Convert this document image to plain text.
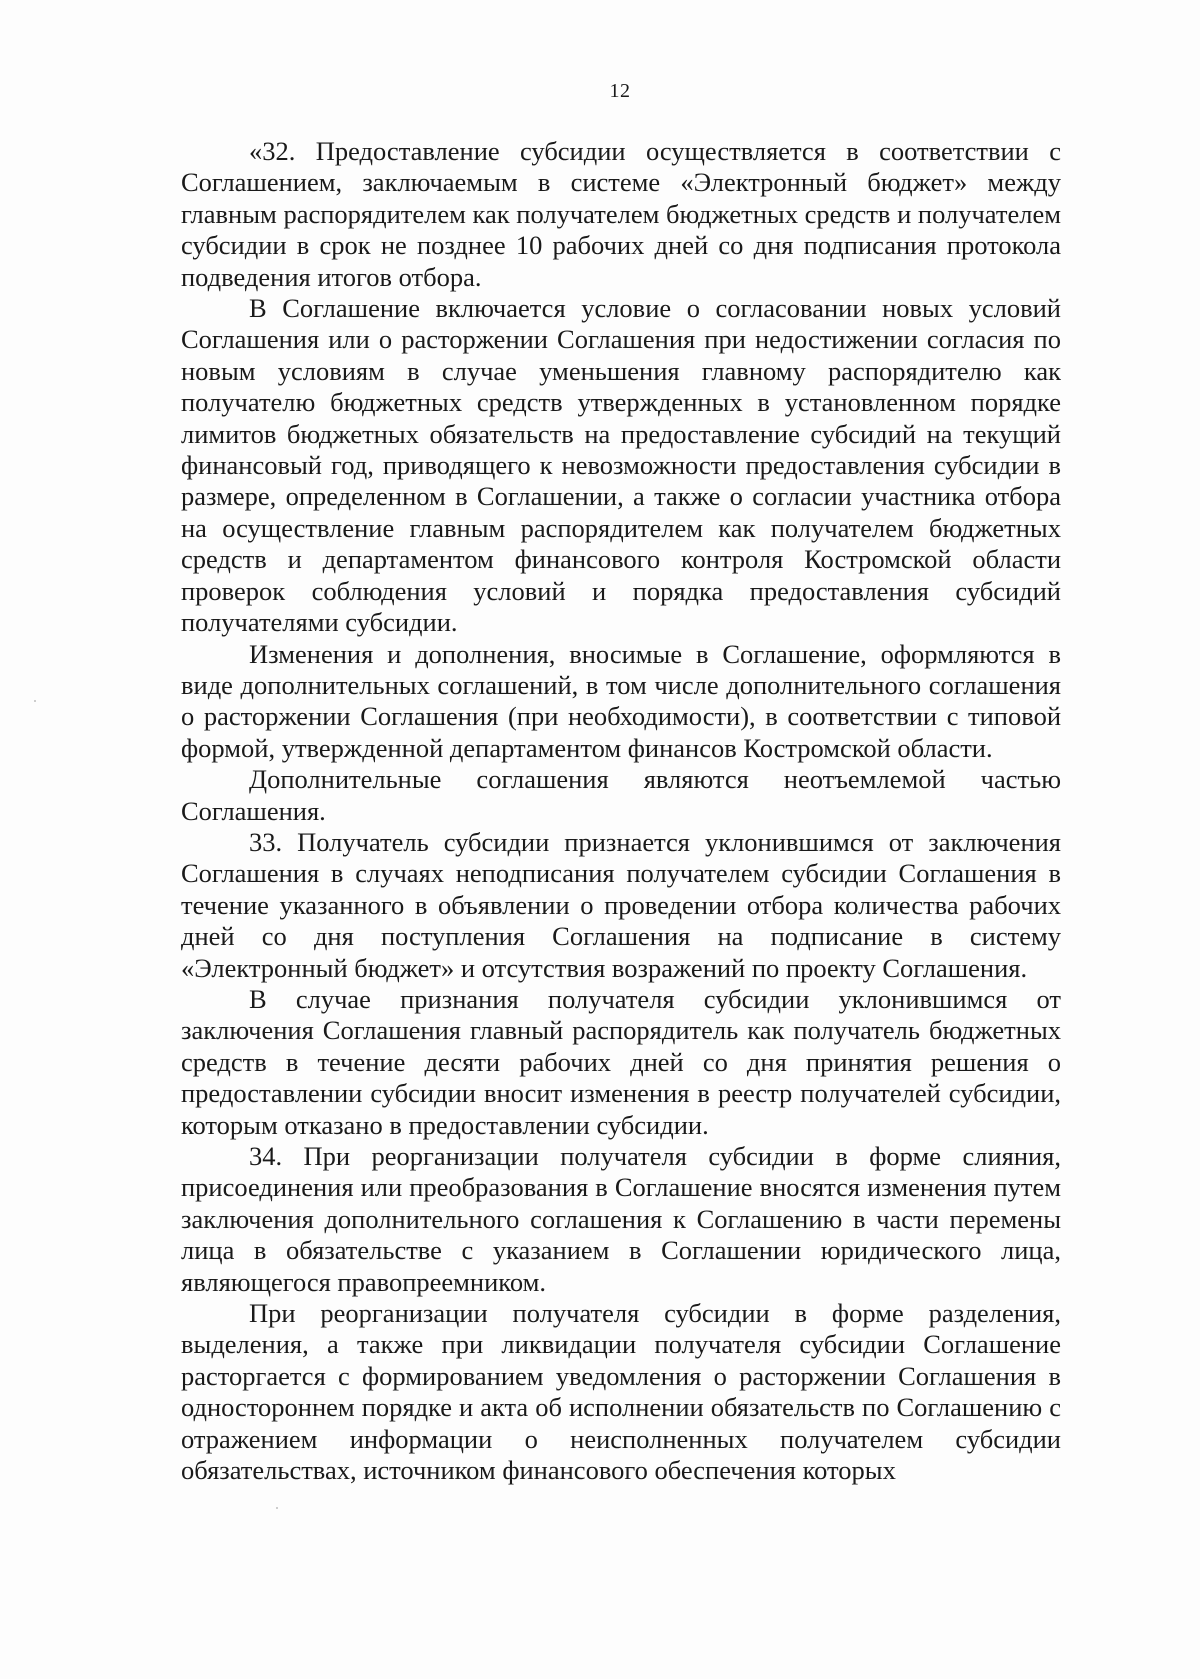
12

«32. Предоставление субсидии осуществляется в соответствии с Соглашением, заключаемым в системе «Электронный бюджет» между главным распорядителем как получателем бюджетных средств и получателем субсидии в срок не позднее 10 рабочих дней со дня подписания протокола подведения итогов отбора.

В Соглашение включается условие о согласовании новых условий Соглашения или о расторжении Соглашения при недостижении согласия по новым условиям в случае уменьшения главному распорядителю как получателю бюджетных средств утвержденных в установленном порядке лимитов бюджетных обязательств на предоставление субсидий на текущий финансовый год, приводящего к невозможности предоставления субсидии в размере, определенном в Соглашении, а также о согласии участника отбора на осуществление главным распорядителем как получателем бюджетных средств и департаментом финансового контроля Костромской области проверок соблюдения условий и порядка предоставления субсидий получателями субсидии.

Изменения и дополнения, вносимые в Соглашение, оформляются в виде дополнительных соглашений, в том числе дополнительного соглашения о расторжении Соглашения (при необходимости), в соответствии с типовой формой, утвержденной департаментом финансов Костромской области.

Дополнительные соглашения являются неотъемлемой частью Соглашения.

33. Получатель субсидии признается уклонившимся от заключения Соглашения в случаях неподписания получателем субсидии Соглашения в течение указанного в объявлении о проведении отбора количества рабочих дней со дня поступления Соглашения на подписание в систему «Электронный бюджет» и отсутствия возражений по проекту Соглашения.

В случае признания получателя субсидии уклонившимся от заключения Соглашения главный распорядитель как получатель бюджетных средств в течение десяти рабочих дней со дня принятия решения о предоставлении субсидии вносит изменения в реестр получателей субсидии, которым отказано в предоставлении субсидии.

34. При реорганизации получателя субсидии в форме слияния, присоединения или преобразования в Соглашение вносятся изменения путем заключения дополнительного соглашения к Соглашению в части перемены лица в обязательстве с указанием в Соглашении юридического лица, являющегося правопреемником.

При реорганизации получателя субсидии в форме разделения, выделения, а также при ликвидации получателя субсидии Соглашение расторгается с формированием уведомления о расторжении Соглашения в одностороннем порядке и акта об исполнении обязательств по Соглашению с отражением информации о неисполненных получателем субсидии обязательствах, источником финансового обеспечения которых
